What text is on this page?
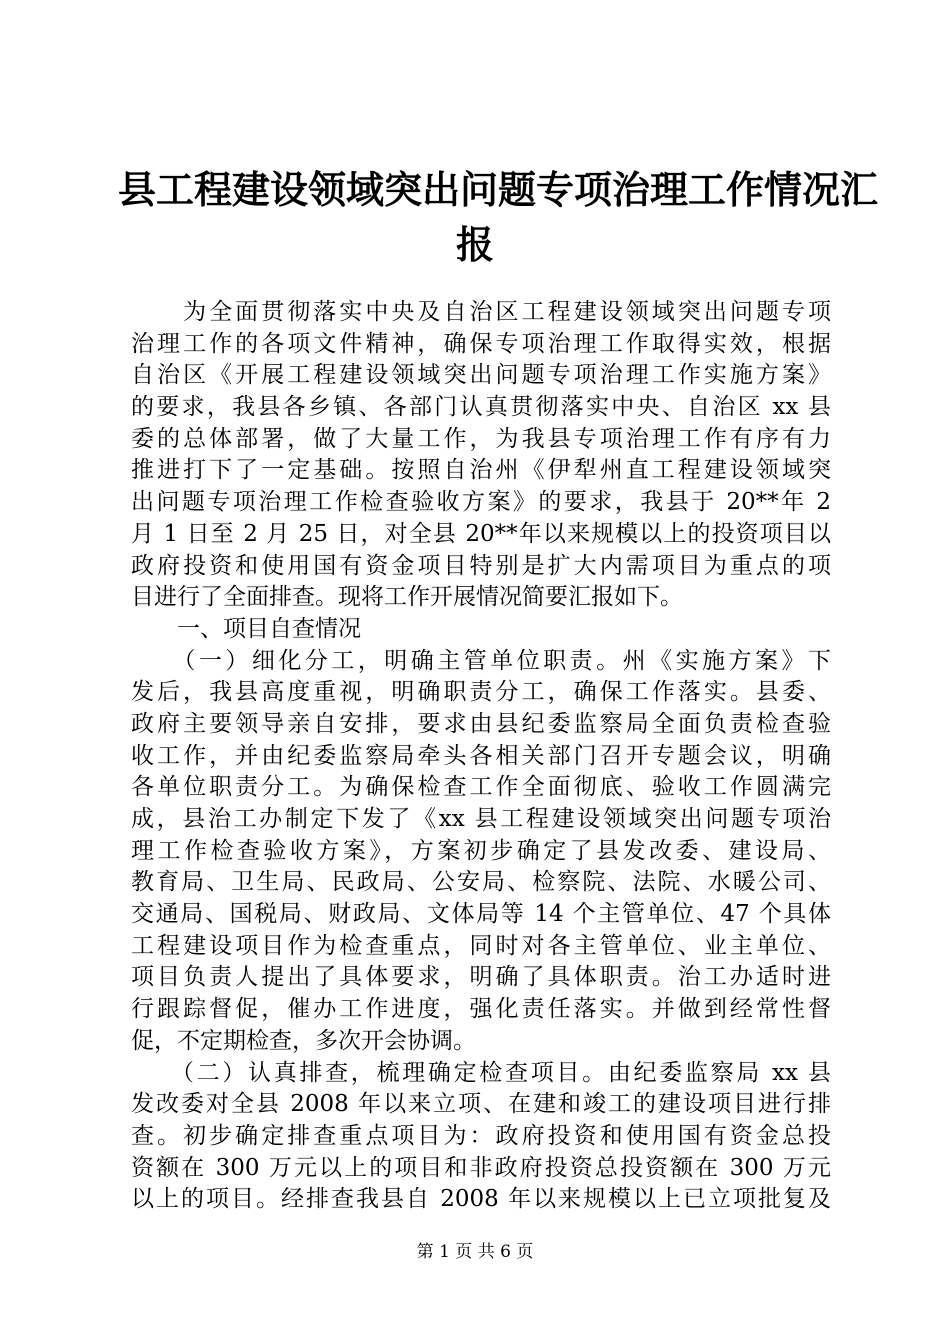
县工程建设领域突出问题专项治理工作情况汇
报
　　为全面贯彻落实中央及自治区工程建设领域突出问题专项
治理工作的各项文件精神，确保专项治理工作取得实效，根据
自治区《开展工程建设领域突出问题专项治理工作实施方案》
的要求，我县各乡镇、各部门认真贯彻落实中央、自治区 xx 县
委的总体部署，做了大量工作，为我县专项治理工作有序有力
推进打下了一定基础。按照自治州《伊犁州直工程建设领域突
出问题专项治理工作检查验收方案》的要求，我县于 20**年 2
月 1 日至 2 月 25 日，对全县 20**年以来规模以上的投资项目以
政府投资和使用国有资金项目特别是扩大内需项目为重点的项
目进行了全面排查。现将工作开展情况简要汇报如下。
　　一、项目自查情况
　　（一）细化分工，明确主管单位职责。州《实施方案》下
发后，我县高度重视，明确职责分工，确保工作落实。县委、
政府主要领导亲自安排，要求由县纪委监察局全面负责检查验
收工作，并由纪委监察局牵头各相关部门召开专题会议，明确
各单位职责分工。为确保检查工作全面彻底、验收工作圆满完
成，县治工办制定下发了《xx 县工程建设领域突出问题专项治
理工作检查验收方案》，方案初步确定了县发改委、建设局、
教育局、卫生局、民政局、公安局、检察院、法院、水暖公司、
交通局、国税局、财政局、文体局等 14 个主管单位、47 个具体
工程建设项目作为检查重点，同时对各主管单位、业主单位、
项目负责人提出了具体要求，明确了具体职责。治工办适时进
行跟踪督促，催办工作进度，强化责任落实。并做到经常性督
促，不定期检查，多次开会协调。
　　（二）认真排查，梳理确定检查项目。由纪委监察局 xx 县
发改委对全县 2008 年以来立项、在建和竣工的建设项目进行排
查。初步确定排查重点项目为：政府投资和使用国有资金总投
资额在 300 万元以上的项目和非政府投资总投资额在 300 万元
以上的项目。经排查我县自 2008 年以来规模以上已立项批复及
第 1 页 共 6 页
